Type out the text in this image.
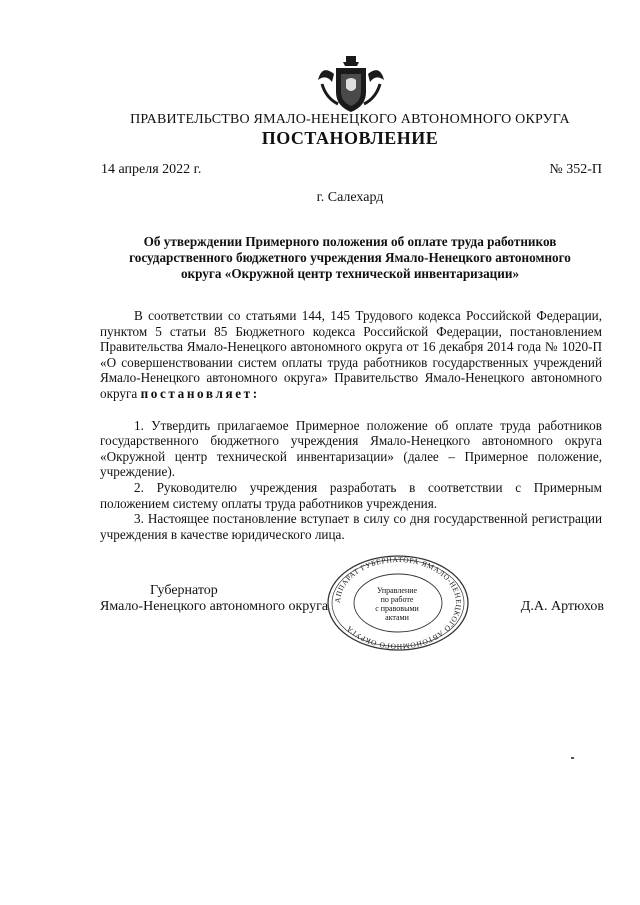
ПРАВИТЕЛЬСТВО ЯМАЛО-НЕНЕЦКОГО АВТОНОМНОГО ОКРУГА
ПОСТАНОВЛЕНИЕ
14 апреля 2022 г.	№ 352-П
г. Салехард
Об утверждении Примерного положения об оплате труда работников
государственного бюджетного учреждения Ямало-Ненецкого автономного
округа «Окружной центр технической инвентаризации»

В соответствии со статьями 144, 145 Трудового кодекса Российской Федерации, пунктом 5 статьи 85 Бюджетного кодекса Российской Федерации, постановлением Правительства Ямало-Ненецкого автономного округа от 16 декабря 2014 года № 1020-П «О совершенствовании систем оплаты труда работников государственных учреждений Ямало-Ненецкого автономного округа» Правительство Ямало-Ненецкого автономного округа постановляет:

1. Утвердить прилагаемое Примерное положение об оплате труда работников государственного бюджетного учреждения Ямало-Ненецкого автономного округа «Окружной центр технической инвентаризации» (далее – Примерное положение, учреждение).

2. Руководителю учреждения разработать в соответствии с Примерным положением систему оплаты труда работников учреждения.

3. Настоящее постановление вступает в силу со дня государственной регистрации учреждения в качестве юридического лица.

Губернатор
Ямало-Ненецкого автономного округа	Д.А. Артюхов
АППАРАТ ГУБЕРНАТОРА ЯМАЛО-НЕНЕЦКОГО АВТОНОМНОГО ОКРУГА
Управление
по работе
с правовыми
актами
